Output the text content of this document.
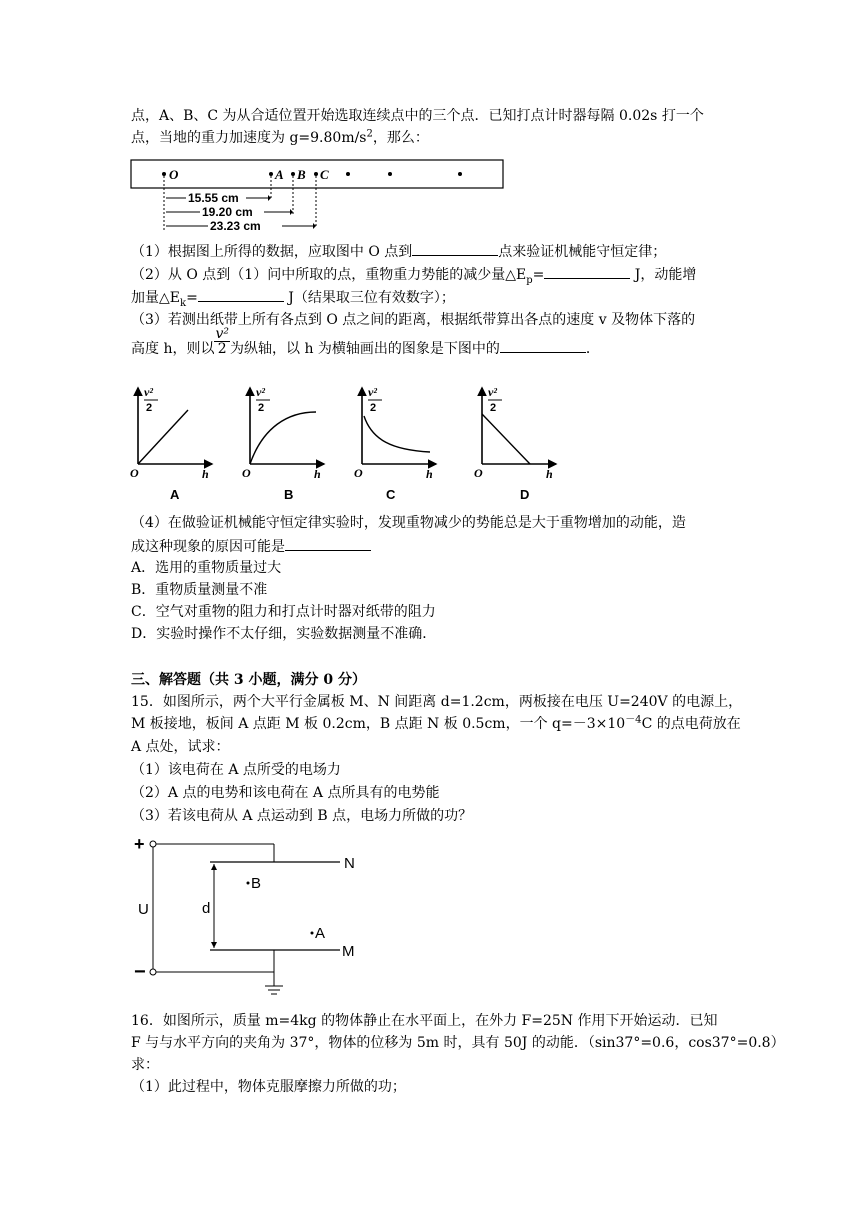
点，A、B、C 为从合适位置开始选取连续点中的三个点．已知打点计时器每隔 0.02s 打一个
点，当地的重力加速度为 $g=9.80m/s^2$，那么：
O	A B C
15.55 cm
19.20 cm
23.23 cm
（1）根据图上所得的数据，应取图中 O 点到	点来验证机械能守恒定律；
（2）从 O 点到（1）问中所取的点，重物重力势能的减少量$\triangle E_p=$	J，动能增
加量$\triangle E_k=$	J（结果取三位有效数字）；
（3）若测出纸带上所有各点到 O 点之间的距离，根据纸带算出各点的速度 v 及物体下落的
高度 h，则以 $\frac{\text{v²}}{2}$ 为纵轴，以 h 为横轴画出的图象是下图中的	．
v²
2
O	h
A
v²
2
O	h
B
v²
2
O	h
C
v²
2
O	h
D
（4）在做验证机械能守恒定律实验时，发现重物减少的势能总是大于重物增加的动能，造
成这种现象的原因可能是
A．选用的重物质量过大
B．重物质量测量不准
C．空气对重物的阻力和打点计时器对纸带的阻力
D．实验时操作不太仔细，实验数据测量不准确．
三、解答题（共 3 小题，满分 0 分）
15．如图所示，两个大平行金属板 M、N 间距离 d=1.2cm，两板接在电压 U=240V 的电源上，
M 板接地，板间 A 点距 M 板 0.2cm，B 点距 N 板 0.5cm，一个 $q=-3\times 10^{-4}C$ 的点电荷放在
A 点处，试求：
（1）该电荷在 A 点所受的电场力
（2）A 点的电势和该电荷在 A 点所具有的电势能
（3）若该电荷从 A 点运动到 B 点，电场力所做的功？
+
−
U
N
M
d
B
A
16．如图所示，质量 m=4kg 的物体静止在水平面上，在外力 F=25N 作用下开始运动．已知
F 与与水平方向的夹角为 37°，物体的位移为 5m 时，具有 50J 的动能．（sin37°=0.6，cos37°=0.8）
求：
（1）此过程中，物体克服摩擦力所做的功；
